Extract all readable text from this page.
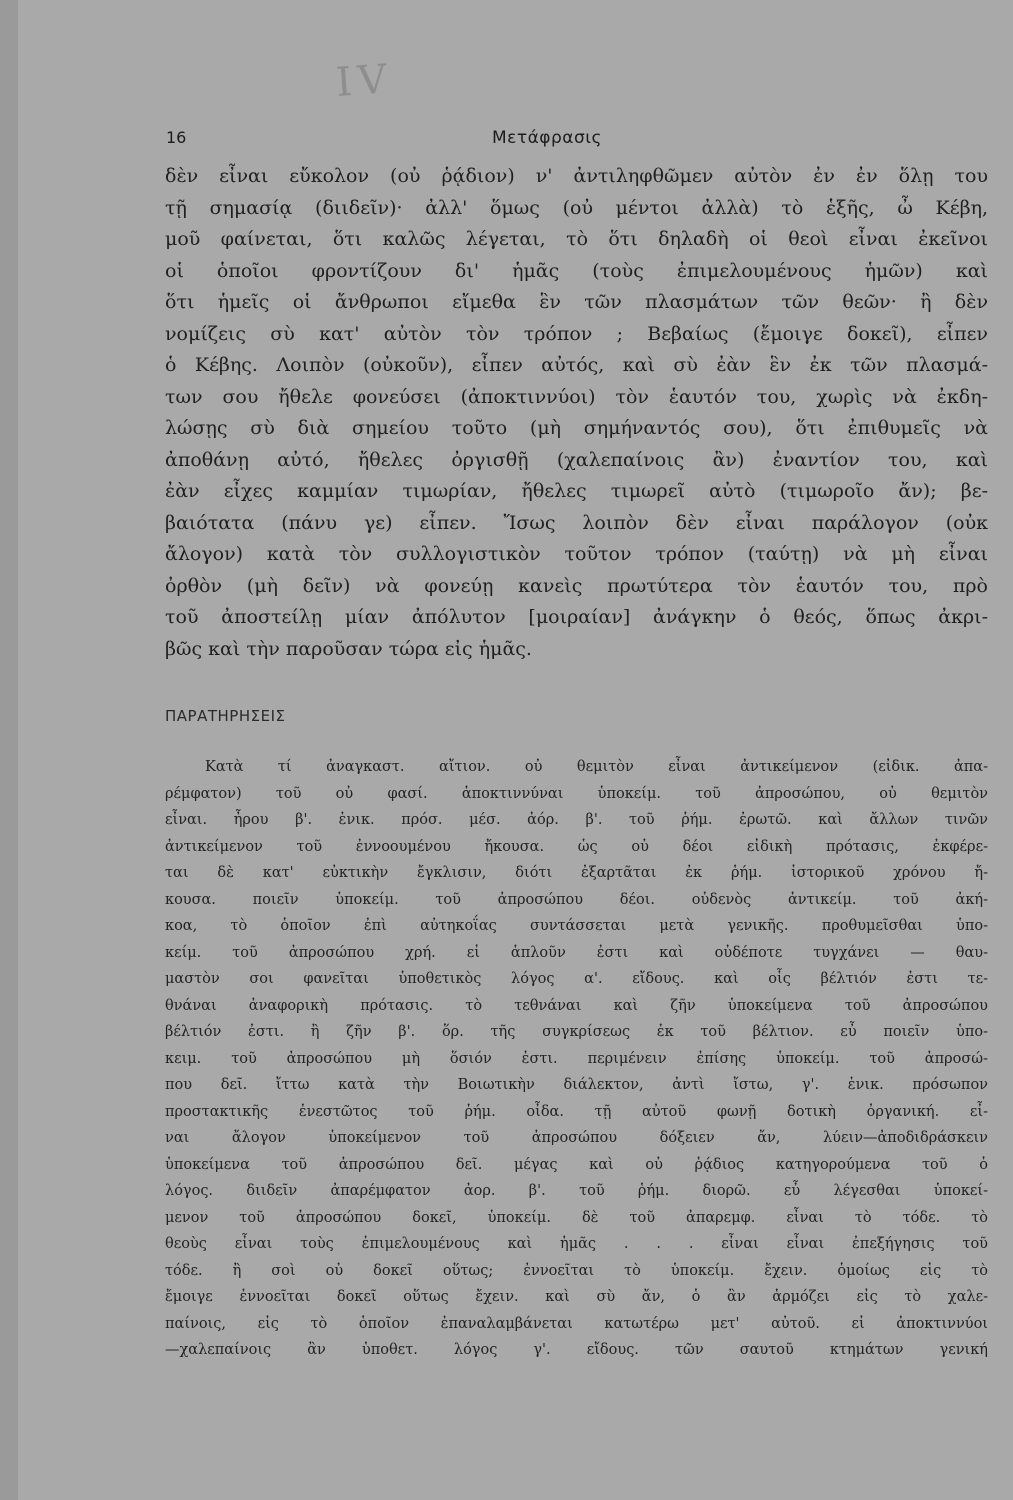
IV
16	Μετάφρασις
δὲν εἶναι εὔκολον (οὐ ῥᾴδιον) ν' ἀντιληφθῶμεν αὐτὸν ἐν ἐν ὅλῃ του
τῇ σημασίᾳ (διιδεῖν)· ἀλλ' ὅμως (οὐ μέντοι ἀλλὰ) τὸ ἑξῆς, ὦ Κέβη,
μοῦ φαίνεται, ὅτι καλῶς λέγεται, τὸ ὅτι δηλαδὴ οἱ θεοὶ εἶναι ἐκεῖνοι
οἱ ὁποῖοι φροντίζουν δι' ἡμᾶς (τοὺς ἐπιμελουμένους ἡμῶν) καὶ
ὅτι ἡμεῖς οἱ ἄνθρωποι εἴμεθα ἓν τῶν πλασμάτων τῶν θεῶν· ἢ δὲν
νομίζεις σὺ κατ' αὐτὸν τὸν τρόπον ; Βεβαίως (ἔμοιγε δοκεῖ), εἶπεν
ὁ Κέβης. Λοιπὸν (οὐκοῦν), εἶπεν αὐτός, καὶ σὺ ἐὰν ἓν ἐκ τῶν πλασμά-
των σου ἤθελε φονεύσει (ἀποκτιννύοι) τὸν ἑαυτόν του, χωρὶς νὰ ἐκδη-
λώσῃς σὺ διὰ σημείου τοῦτο (μὴ σημήναντός σου), ὅτι ἐπιθυμεῖς νὰ
ἀποθάνῃ αὐτό, ἤθελες ὀργισθῇ (χαλεπαίνοις ἂν) ἐναντίον του, καὶ
ἐὰν εἶχες καμμίαν τιμωρίαν, ἤθελες τιμωρεῖ αὐτὸ (τιμωροῖο ἄν); βε-
βαιότατα (πάνυ γε) εἶπεν. Ἴσως λοιπὸν δὲν εἶναι παράλογον (οὐκ
ἄλογον) κατὰ τὸν συλλογιστικὸν τοῦτον τρόπον (ταύτῃ) νὰ μὴ εἶναι
ὀρθὸν (μὴ δεῖν) νὰ φονεύῃ κανεὶς πρωτύτερα τὸν ἑαυτόν του, πρὸ
τοῦ ἀποστείλῃ μίαν ἀπόλυτον [μοιραίαν] ἀνάγκην ὁ θεός, ὅπως ἀκρι-
βῶς καὶ τὴν παροῦσαν τώρα εἰς ἡμᾶς.
ΠΑΡΑΤΗΡΗΣΕΙΣ
Κατὰ τί ἀναγκαστ. αἴτιον. οὐ θεμιτὸν εἶναι ἀντικείμενον (εἰδικ. ἀπα-
ρέμφατον) τοῦ οὐ φασί. ἀποκτιννύναι ὑποκείμ. τοῦ ἀπροσώπου, οὐ θεμιτὸν
εἶναι. ἦρου β'. ἑνικ. πρόσ. μέσ. ἀόρ. β'. τοῦ ῥήμ. ἐρωτῶ. καὶ ἄλλων τινῶν
ἀντικείμενον τοῦ ἐννοουμένου ἤκουσα. ὡς οὐ δέοι εἰδικὴ πρότασις, ἐκφέρε-
ται δὲ κατ' εὐκτικὴν ἔγκλισιν, διότι ἐξαρτᾶται ἐκ ῥήμ. ἱστορικοῦ χρόνου ἤ-
κουσα. ποιεῖν ὑποκείμ. τοῦ ἀπροσώπου δέοι. οὐδενὸς ἀντικείμ. τοῦ ἀκή-
κοα, τὸ ὁποῖον ἐπὶ αὐτηκοΐας συντάσσεται μετὰ γενικῆς. προθυμεῖσθαι ὑπο-
κείμ. τοῦ ἀπροσώπου χρή. εἰ ἁπλοῦν ἐστι καὶ οὐδέποτε τυγχάνει — θαυ-
μαστὸν σοι φανεῖται ὑποθετικὸς λόγος α'. εἴδους. καὶ οἷς βέλτιόν ἐστι τε-
θνάναι ἀναφορικὴ πρότασις. τὸ τεθνάναι καὶ ζῆν ὑποκείμενα τοῦ ἀπροσώπου
βέλτιόν ἐστι. ἢ ζῆν β'. ὅρ. τῆς συγκρίσεως ἐκ τοῦ βέλτιον. εὖ ποιεῖν ὑπο-
κειμ. τοῦ ἀπροσώπου μὴ ὅσιόν ἐστι. περιμένειν ἐπίσης ὑποκείμ. τοῦ ἀπροσώ-
που δεῖ. ἴττω κατὰ τὴν Βοιωτικὴν διάλεκτον, ἀντὶ ἴστω, γ'. ἑνικ. πρόσωπον
προστακτικῆς ἐνεστῶτος τοῦ ῥήμ. οἶδα. τῇ αὐτοῦ φωνῇ δοτικὴ ὀργανική. εἶ-
ναι ἄλογον ὑποκείμενον τοῦ ἀπροσώπου δόξειεν ἄν, λύειν—ἀποδιδράσκειν
ὑποκείμενα τοῦ ἀπροσώπου δεῖ. μέγας καὶ οὐ ῥᾴδιος κατηγορούμενα τοῦ ὁ
λόγος. διιδεῖν ἀπαρέμφατον ἀορ. β'. τοῦ ῥήμ. διορῶ. εὖ λέγεσθαι ὑποκεί-
μενον τοῦ ἀπροσώπου δοκεῖ, ὑποκείμ. δὲ τοῦ ἀπαρεμφ. εἶναι τὸ τόδε. τὸ
θεοὺς εἶναι τοὺς ἐπιμελουμένους καὶ ἡμᾶς . . . εἶναι εἶναι ἐπεξήγησις τοῦ
τόδε. ἢ σοὶ οὐ δοκεῖ οὕτως; ἐννοεῖται τὸ ὑποκείμ. ἔχειν. ὁμοίως εἰς τὸ
ἔμοιγε ἐννοεῖται δοκεῖ οὕτως ἔχειν. καὶ σὺ ἄν, ὁ ἂν ἁρμόζει εἰς τὸ χαλε-
παίνοις, εἰς τὸ ὁποῖον ἐπαναλαμβάνεται κατωτέρω μετ' αὐτοῦ. εἰ ἀποκτιννύοι
—χαλεπαίνοις ἂν ὑποθετ. λόγος γ'. εἴδους. τῶν σαυτοῦ κτημάτων γενική
